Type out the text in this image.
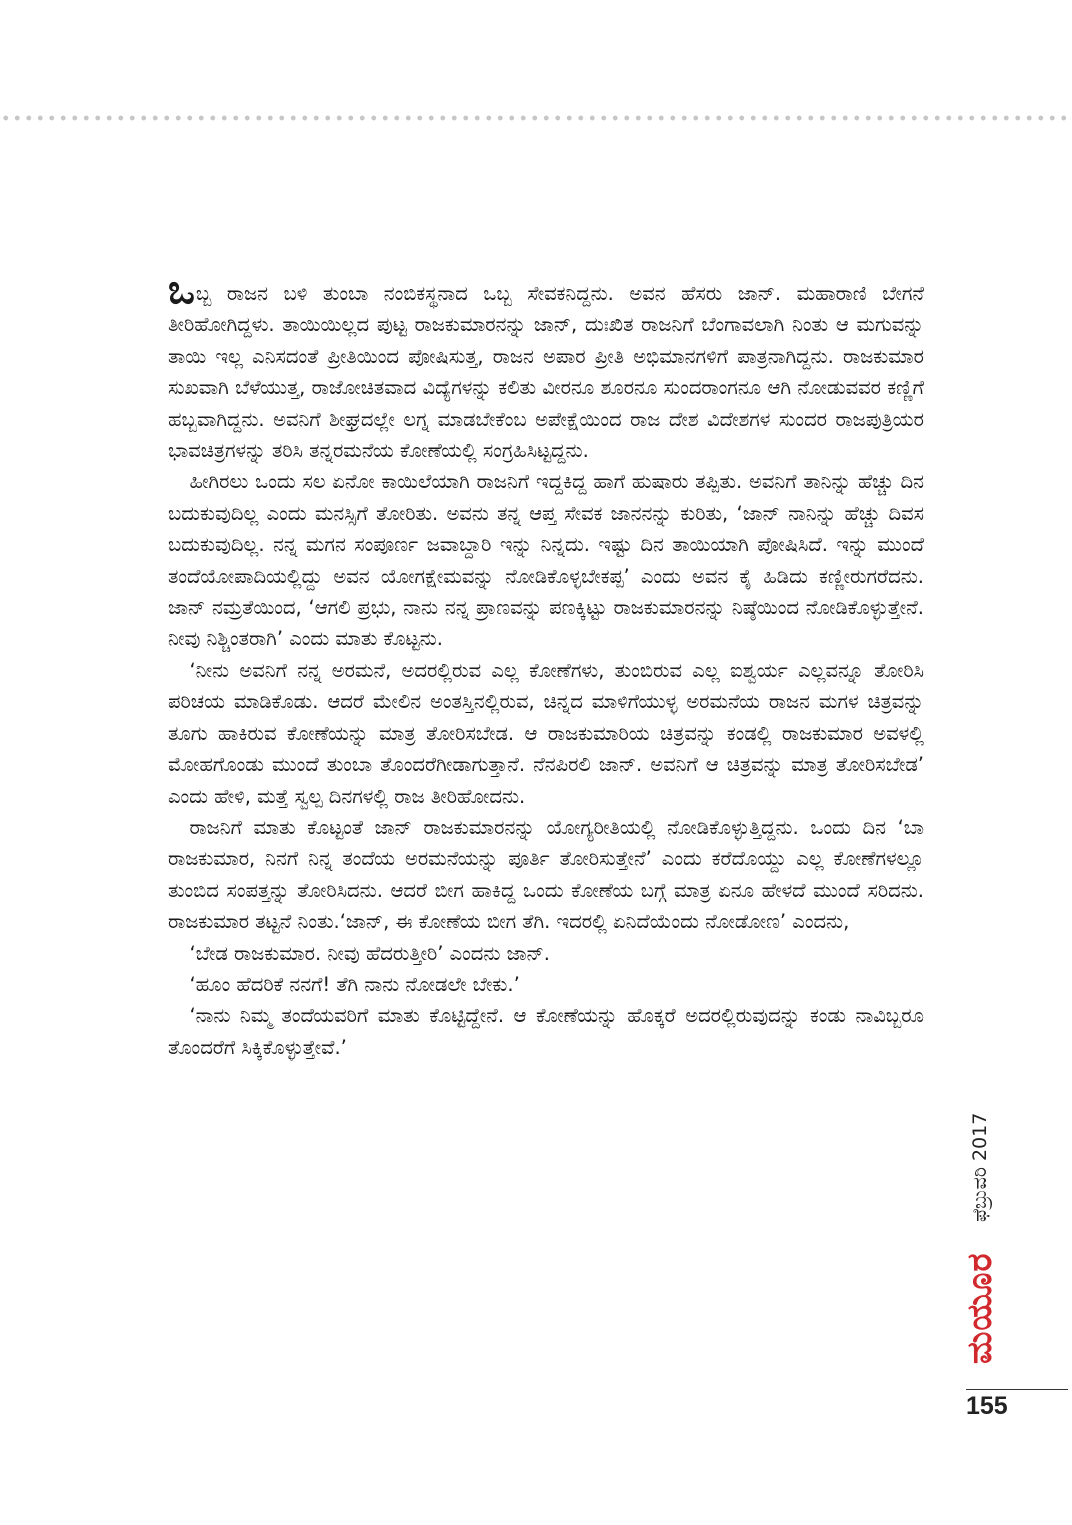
ಒಬ್ಬ ರಾಜನ ಬಳಿ ತುಂಬಾ ನಂಬಿಕಸ್ಥನಾದ ಒಬ್ಬ ಸೇವಕನಿದ್ದನು. ಅವನ ಹೆಸರು ಜಾನ್. ಮಹಾರಾಣಿ ಬೇಗನೆ ತೀರಿಹೋಗಿದ್ದಳು. ತಾಯಿಯಿಲ್ಲದ ಪುಟ್ಟ ರಾಜಕುಮಾರನನ್ನು ಜಾನ್, ದುಃಖಿತ ರಾಜನಿಗೆ ಬೆಂಗಾವಲಾಗಿ ನಿಂತು ಆ ಮಗುವನ್ನು ತಾಯಿ ಇಲ್ಲ ಎನಿಸದಂತೆ ಪ್ರೀತಿಯಿಂದ ಪೋಷಿಸುತ್ತ, ರಾಜನ ಅಪಾರ ಪ್ರೀತಿ ಅಭಿಮಾನಗಳಿಗೆ ಪಾತ್ರನಾಗಿದ್ದನು. ರಾಜಕುಮಾರ ಸುಖವಾಗಿ ಬೆಳೆಯುತ್ತ, ರಾಜೋಚಿತವಾದ ವಿದ್ಯೆಗಳನ್ನು ಕಲಿತು ವೀರನೂ ಶೂರನೂ ಸುಂದರಾಂಗನೂ ಆಗಿ ನೋಡುವವರ ಕಣ್ಣಿಗೆ ಹಬ್ಬವಾಗಿದ್ದನು. ಅವನಿಗೆ ಶೀಘ್ರದಲ್ಲೇ ಲಗ್ನ ಮಾಡಬೇಕೆಂಬ ಅಪೇಕ್ಷೆಯಿಂದ ರಾಜ ದೇಶ ವಿದೇಶಗಳ ಸುಂದರ ರಾಜಪುತ್ರಿಯರ ಭಾವಚಿತ್ರಗಳನ್ನು ತರಿಸಿ ತನ್ನರಮನೆಯ ಕೋಣೆಯಲ್ಲಿ ಸಂಗ್ರಹಿಸಿಟ್ಟದ್ದನು.

ಹೀಗಿರಲು ಒಂದು ಸಲ ಏನೋ ಕಾಯಿಲೆಯಾಗಿ ರಾಜನಿಗೆ ಇದ್ದಕಿದ್ದ ಹಾಗೆ ಹುಷಾರು ತಪ್ಪಿತು. ಅವನಿಗೆ ತಾನಿನ್ನು ಹೆಚ್ಚು ದಿನ ಬದುಕುವುದಿಲ್ಲ ಎಂದು ಮನಸ್ಸಿಗೆ ತೋರಿತು. ಅವನು ತನ್ನ ಆಪ್ತ ಸೇವಕ ಜಾನನನ್ನು ಕುರಿತು, ‘ಜಾನ್ ನಾನಿನ್ನು ಹೆಚ್ಚು ದಿವಸ ಬದುಕುವುದಿಲ್ಲ. ನನ್ನ ಮಗನ ಸಂಪೂರ್ಣ ಜವಾಬ್ದಾರಿ ಇನ್ನು ನಿನ್ನದು. ಇಷ್ಟು ದಿನ ತಾಯಿಯಾಗಿ ಪೋಷಿಸಿದೆ. ಇನ್ನು ಮುಂದೆ ತಂದೆಯೋಪಾದಿಯಲ್ಲಿದ್ದು ಅವನ ಯೋಗಕ್ಷೇಮವನ್ನು ನೋಡಿಕೊಳ್ಳಬೇಕಪ್ಪ’ ಎಂದು ಅವನ ಕೈ ಹಿಡಿದು ಕಣ್ಣೀರುಗರೆದನು. ಜಾನ್ ನಮ್ರತೆಯಿಂದ, ‘ಆಗಲಿ ಪ್ರಭು, ನಾನು ನನ್ನ ಪ್ರಾಣವನ್ನು ಪಣಕ್ಕಿಟ್ಟು ರಾಜಕುಮಾರನನ್ನು ನಿಷ್ಠೆಯಿಂದ ನೋಡಿಕೊಳ್ಳುತ್ತೇನೆ. ನೀವು ನಿಶ್ಚಿಂತರಾಗಿ’ ಎಂದು ಮಾತು ಕೊಟ್ಟನು.

‘ನೀನು ಅವನಿಗೆ ನನ್ನ ಅರಮನೆ, ಅದರಲ್ಲಿರುವ ಎಲ್ಲ ಕೋಣೆಗಳು, ತುಂಬಿರುವ ಎಲ್ಲ ಐಶ್ವರ್ಯ ಎಲ್ಲವನ್ನೂ ತೋರಿಸಿ ಪರಿಚಯ ಮಾಡಿಕೊಡು. ಆದರೆ ಮೇಲಿನ ಅಂತಸ್ತಿನಲ್ಲಿರುವ, ಚಿನ್ನದ ಮಾಳಿಗೆಯುಳ್ಳ ಅರಮನೆಯ ರಾಜನ ಮಗಳ ಚಿತ್ರವನ್ನು ತೂಗು ಹಾಕಿರುವ ಕೋಣೆಯನ್ನು ಮಾತ್ರ ತೋರಿಸಬೇಡ. ಆ ರಾಜಕುಮಾರಿಯ ಚಿತ್ರವನ್ನು ಕಂಡಲ್ಲಿ ರಾಜಕುಮಾರ ಅವಳಲ್ಲಿ ಮೋಹಗೊಂಡು ಮುಂದೆ ತುಂಬಾ ತೊಂದರೆಗೀಡಾಗುತ್ತಾನೆ. ನೆನಪಿರಲಿ ಜಾನ್. ಅವನಿಗೆ ಆ ಚಿತ್ರವನ್ನು ಮಾತ್ರ ತೋರಿಸಬೇಡ’ ಎಂದು ಹೇಳಿ, ಮತ್ತೆ ಸ್ವಲ್ಪ ದಿನಗಳಲ್ಲಿ ರಾಜ ತೀರಿಹೋದನು.

ರಾಜನಿಗೆ ಮಾತು ಕೊಟ್ಟಂತೆ ಜಾನ್ ರಾಜಕುಮಾರನನ್ನು ಯೋಗ್ಯರೀತಿಯಲ್ಲಿ ನೋಡಿಕೊಳ್ಳುತ್ತಿದ್ದನು. ಒಂದು ದಿನ ‘ಬಾ ರಾಜಕುಮಾರ, ನಿನಗೆ ನಿನ್ನ ತಂದೆಯ ಅರಮನೆಯನ್ನು ಪೂರ್ತಿ ತೋರಿಸುತ್ತೇನೆ’ ಎಂದು ಕರೆದೊಯ್ದು ಎಲ್ಲ ಕೋಣೆಗಳಲ್ಲೂ ತುಂಬಿದ ಸಂಪತ್ತನ್ನು ತೋರಿಸಿದನು. ಆದರೆ ಬೀಗ ಹಾಕಿದ್ದ ಒಂದು ಕೋಣೆಯ ಬಗ್ಗೆ ಮಾತ್ರ ಏನೂ ಹೇಳದೆ ಮುಂದೆ ಸರಿದನು. ರಾಜಕುಮಾರ ತಟ್ಟನೆ ನಿಂತು.‘ಜಾನ್, ಈ ಕೋಣೆಯ ಬೀಗ ತೆಗಿ. ಇದರಲ್ಲಿ ಏನಿದೆಯೆಂದು ನೋಡೋಣ’ ಎಂದನು,

‘ಬೇಡ ರಾಜಕುಮಾರ. ನೀವು ಹೆದರುತ್ತೀರಿ’ ಎಂದನು ಜಾನ್.

‘ಹೂಂ ಹೆದರಿಕೆ ನನಗೆ! ತೆಗಿ ನಾನು ನೋಡಲೇ ಬೇಕು.’

‘ನಾನು ನಿಮ್ಮ ತಂದೆಯವರಿಗೆ ಮಾತು ಕೊಟ್ಟಿದ್ದೇನೆ. ಆ ಕೋಣೆಯನ್ನು ಹೊಕ್ಕರೆ ಅದರಲ್ಲಿರುವುದನ್ನು ಕಂಡು ನಾವಿಬ್ಬರೂ ತೊಂದರೆಗೆ ಸಿಕ್ಕಿಕೊಳ್ಳುತ್ತೇವೆ.’

ಫೆಬ್ರುವರಿ 2017
ಮಯೂರ
155
